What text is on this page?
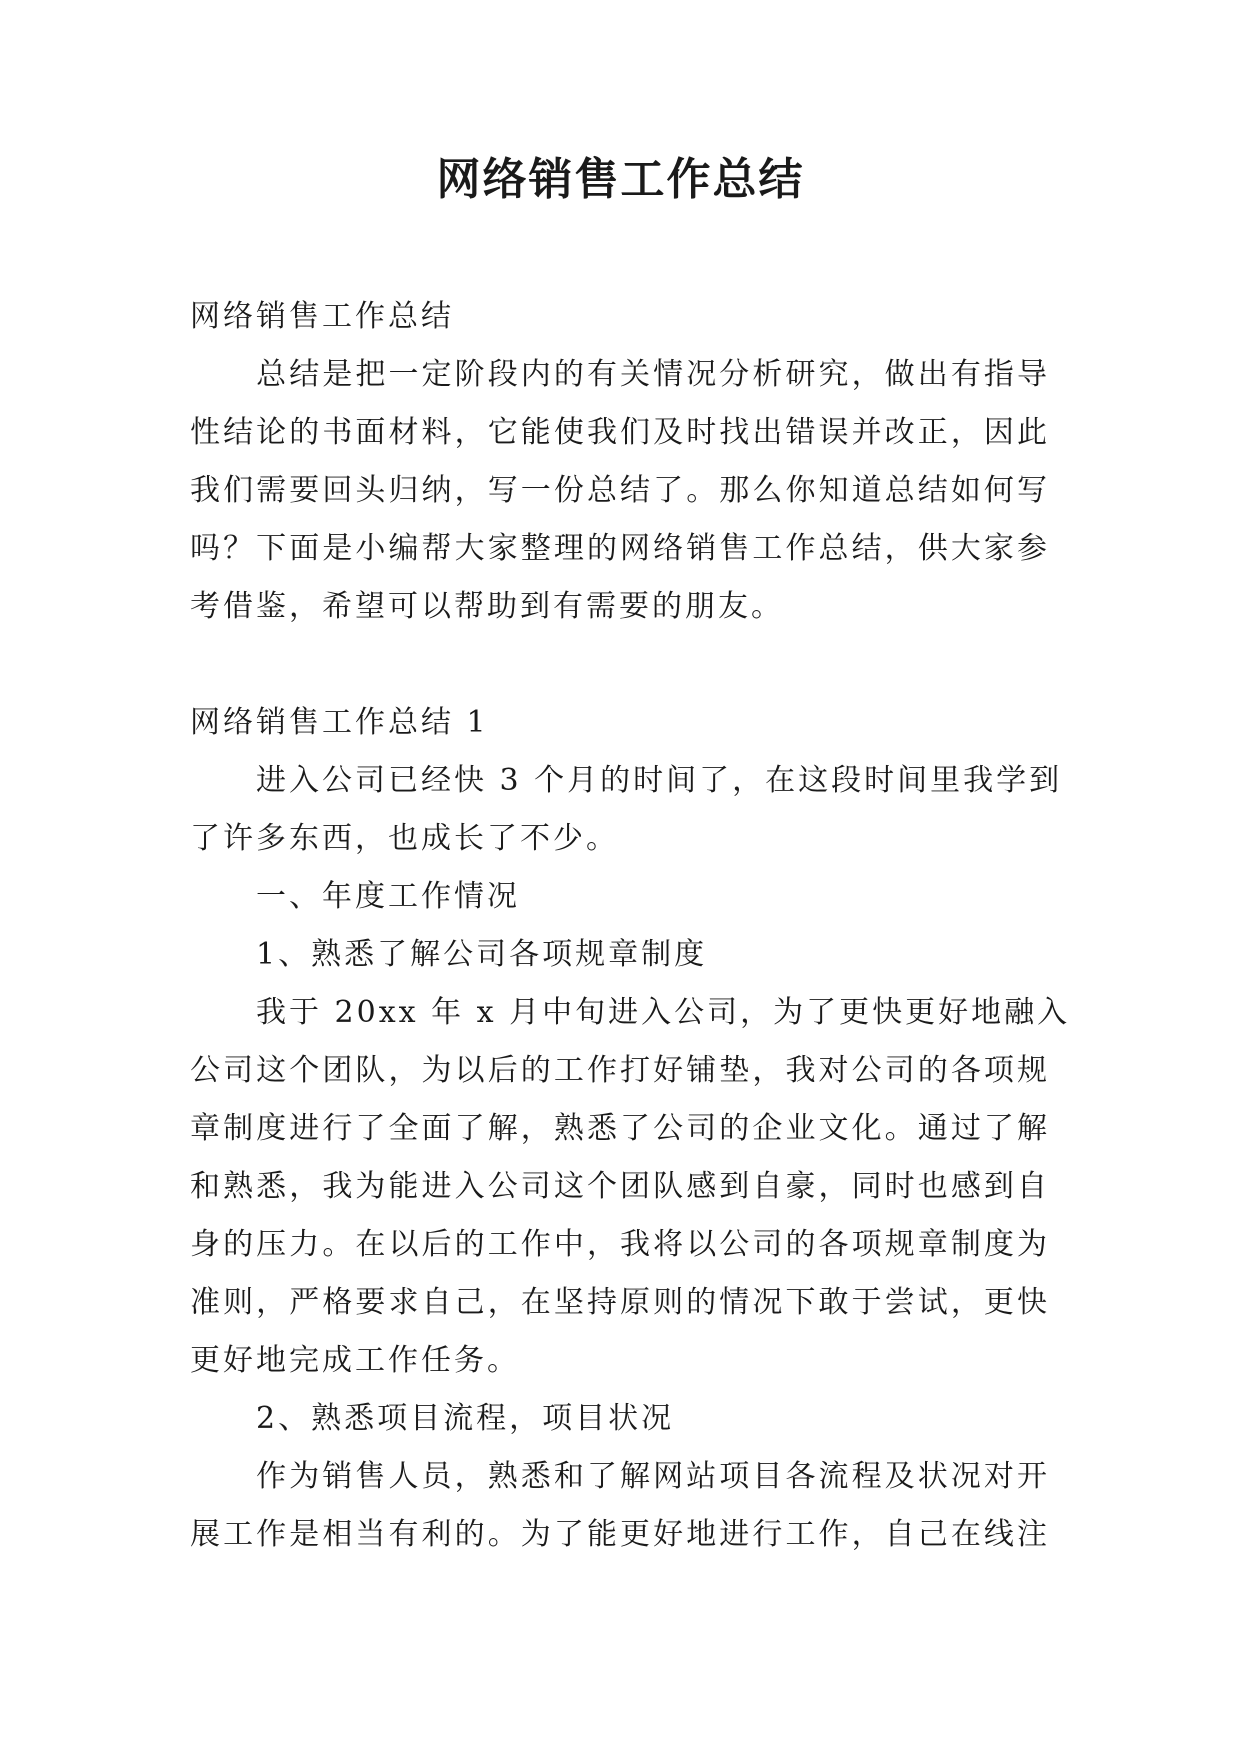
网络销售工作总结
网络销售工作总结
　　总结是把一定阶段内的有关情况分析研究，做出有指导
性结论的书面材料，它能使我们及时找出错误并改正，因此
我们需要回头归纳，写一份总结了。那么你知道总结如何写
吗？下面是小编帮大家整理的网络销售工作总结，供大家参
考借鉴，希望可以帮助到有需要的朋友。
网络销售工作总结 1
　　进入公司已经快 3 个月的时间了，在这段时间里我学到
了许多东西，也成长了不少。
　　一、年度工作情况
　　1、熟悉了解公司各项规章制度
　　我于 20xx 年 x 月中旬进入公司，为了更快更好地融入
公司这个团队，为以后的工作打好铺垫，我对公司的各项规
章制度进行了全面了解，熟悉了公司的企业文化。通过了解
和熟悉，我为能进入公司这个团队感到自豪，同时也感到自
身的压力。在以后的工作中，我将以公司的各项规章制度为
准则，严格要求自己，在坚持原则的情况下敢于尝试，更快
更好地完成工作任务。
　　2、熟悉项目流程，项目状况
　　作为销售人员，熟悉和了解网站项目各流程及状况对开
展工作是相当有利的。为了能更好地进行工作，自己在线注
